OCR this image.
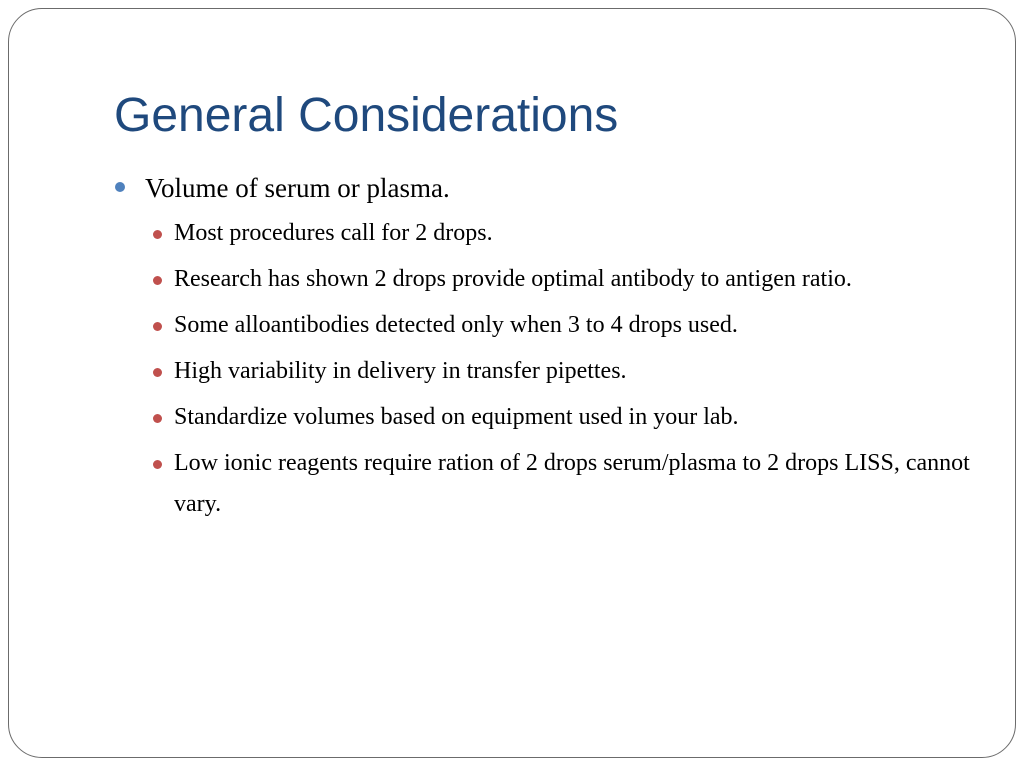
General Considerations
Volume of serum or plasma.
Most procedures call for 2 drops.
Research has shown 2 drops provide optimal antibody to antigen ratio.
Some alloantibodies detected only when 3 to 4 drops used.
High variability in delivery in transfer pipettes.
Standardize volumes based on equipment used in your lab.
Low ionic reagents require ration of 2 drops serum/plasma to 2 drops LISS, cannot vary.
